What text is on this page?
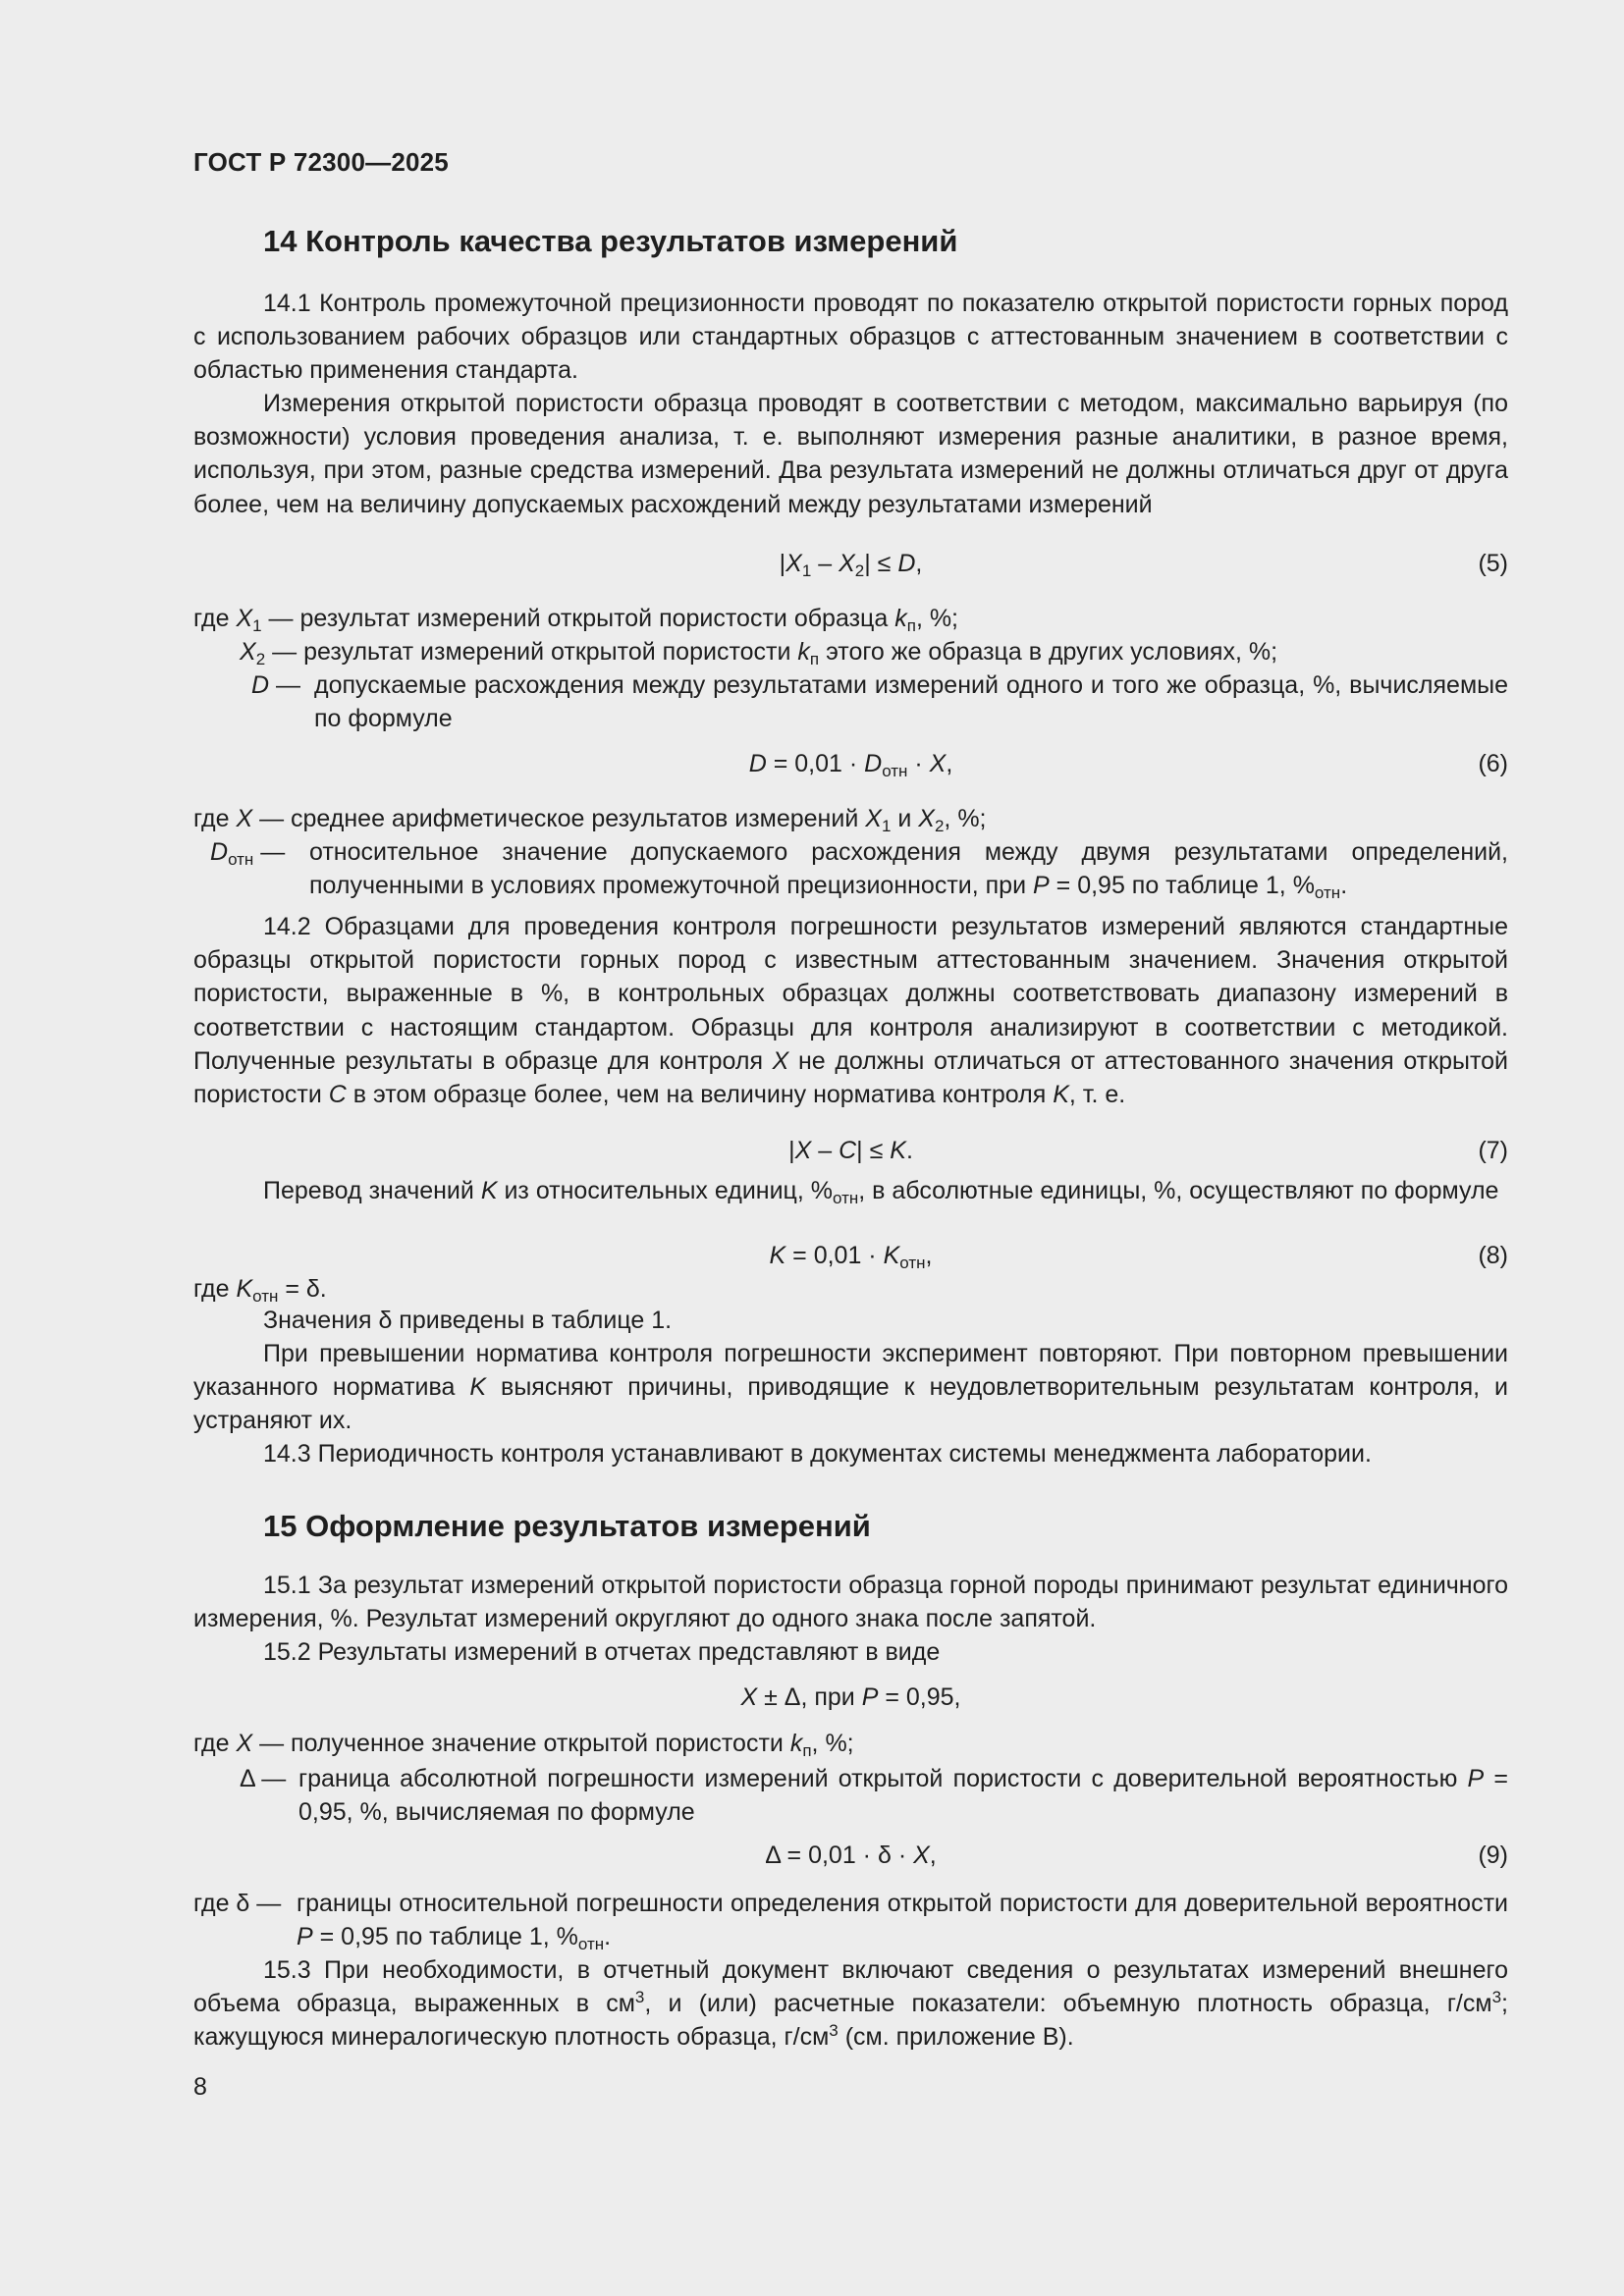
ГОСТ Р 72300—2025
14 Контроль качества результатов измерений

14.1 Контроль промежуточной прецизионности проводят по показателю открытой пористости горных пород с использованием рабочих образцов или стандартных образцов с аттестованным значением в соответствии с областью применения стандарта.

Измерения открытой пористости образца проводят в соответствии с методом, максимально варьируя (по возможности) условия проведения анализа, т. е. выполняют измерения разные аналитики, в разное время, используя, при этом, разные средства измерений. Два результата измерений не должны отличаться друг от друга более, чем на величину допускаемых расхождений между результатами измерений

$|X_1 - X_2| \le D$,	(5)
где $X_1$ — результат измерений открытой пористости образца $k_п$, %;
$X_2$ — результат измерений открытой пористости $k_п$ этого же образца в других условиях, %;
D — допускаемые расхождения между результатами измерений одного и того же образца, %, вычисляемые по формуле
$D = 0,01 \cdot D_{отн} \cdot X$,	(6)
где X — среднее арифметическое результатов измерений $X_1$ и $X_2$, %;
$D_{отн}$ — относительное значение допускаемого расхождения между двумя результатами определений, полученными в условиях промежуточной прецизионности, при P = 0,95 по таблице 1, $\%_{отн}$.

14.2 Образцами для проведения контроля погрешности результатов измерений являются стандартные образцы открытой пористости горных пород с известным аттестованным значением. Значения открытой пористости, выраженные в %, в контрольных образцах должны соответствовать диапазону измерений в соответствии с настоящим стандартом. Образцы для контроля анализируют в соответствии с методикой. Полученные результаты в образце для контроля X не должны отличаться от аттестованного значения открытой пористости C в этом образце более, чем на величину норматива контроля K, т. е.

|X – C| ≤ K.	(7)

Перевод значений K из относительных единиц, $\%_{отн}$, в абсолютные единицы, %, осуществляют по формуле

$K = 0,01 \cdot K_{отн}$,	(8)
где $K_{отн} = \delta$.

Значения δ приведены в таблице 1.

При превышении норматива контроля погрешности эксперимент повторяют. При повторном превышении указанного норматива K выясняют причины, приводящие к неудовлетворительным результатам контроля, и устраняют их.

14.3 Периодичность контроля устанавливают в документах системы менеджмента лаборатории.

15 Оформление результатов измерений

15.1 За результат измерений открытой пористости образца горной породы принимают результат единичного измерения, %. Результат измерений округляют до одного знака после запятой.

15.2 Результаты измерений в отчетах представляют в виде

X ± Δ, при P = 0,95,
где X — полученное значение открытой пористости $k_п$, %;
Δ — граница абсолютной погрешности измерений открытой пористости с доверительной вероятностью P = 0,95, %, вычисляемая по формуле
Δ = 0,01 · δ · X,	(9)
где δ — границы относительной погрешности определения открытой пористости для доверительной вероятности P = 0,95 по таблице 1, $\%_{отн}$.

15.3 При необходимости, в отчетный документ включают сведения о результатах измерений внешнего объема образца, выраженных в $см^3$, и (или) расчетные показатели: объемную плотность образца, $г/см^3$; кажущуюся минералогическую плотность образца, $г/см^3$ (см. приложение В).

8
